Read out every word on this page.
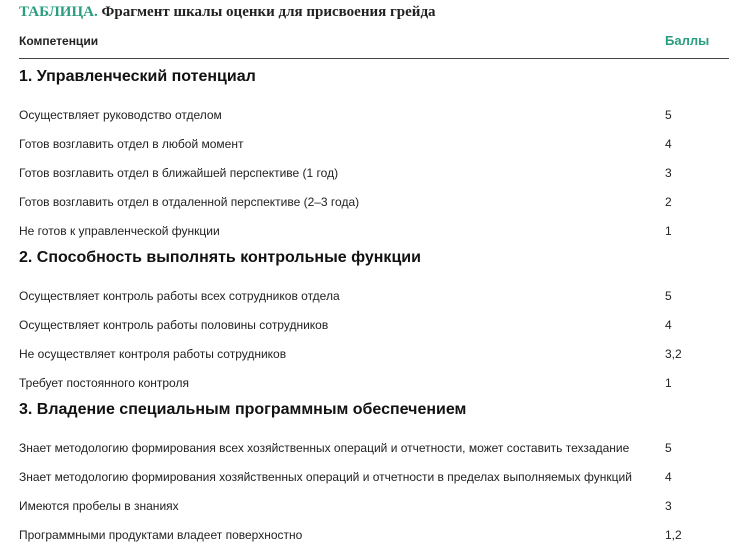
ТАБЛИЦА. Фрагмент шкалы оценки для присвоения грейда
Компетенции	Баллы
1. Управленческий потенциал
Осуществляет руководство отделом	5
Готов возглавить отдел в любой момент	4
Готов возглавить отдел в ближайшей перспективе (1 год)	3
Готов возглавить отдел в отдаленной перспективе (2–3 года)	2
Не готов к управленческой функции	1
2. Способность выполнять контрольные функции
Осуществляет контроль работы всех сотрудников отдела	5
Осуществляет контроль работы половины сотрудников	4
Не осуществляет контроля работы сотрудников	3,2
Требует постоянного контроля	1
3. Владение специальным программным обеспечением
Знает методологию формирования всех хозяйственных операций и отчетности, может составить техзадание	5
Знает методологию формирования хозяйственных операций и отчетности в пределах выполняемых функций	4
Имеются пробелы в знаниях	3
Программными продуктами владеет поверхностно	1,2
